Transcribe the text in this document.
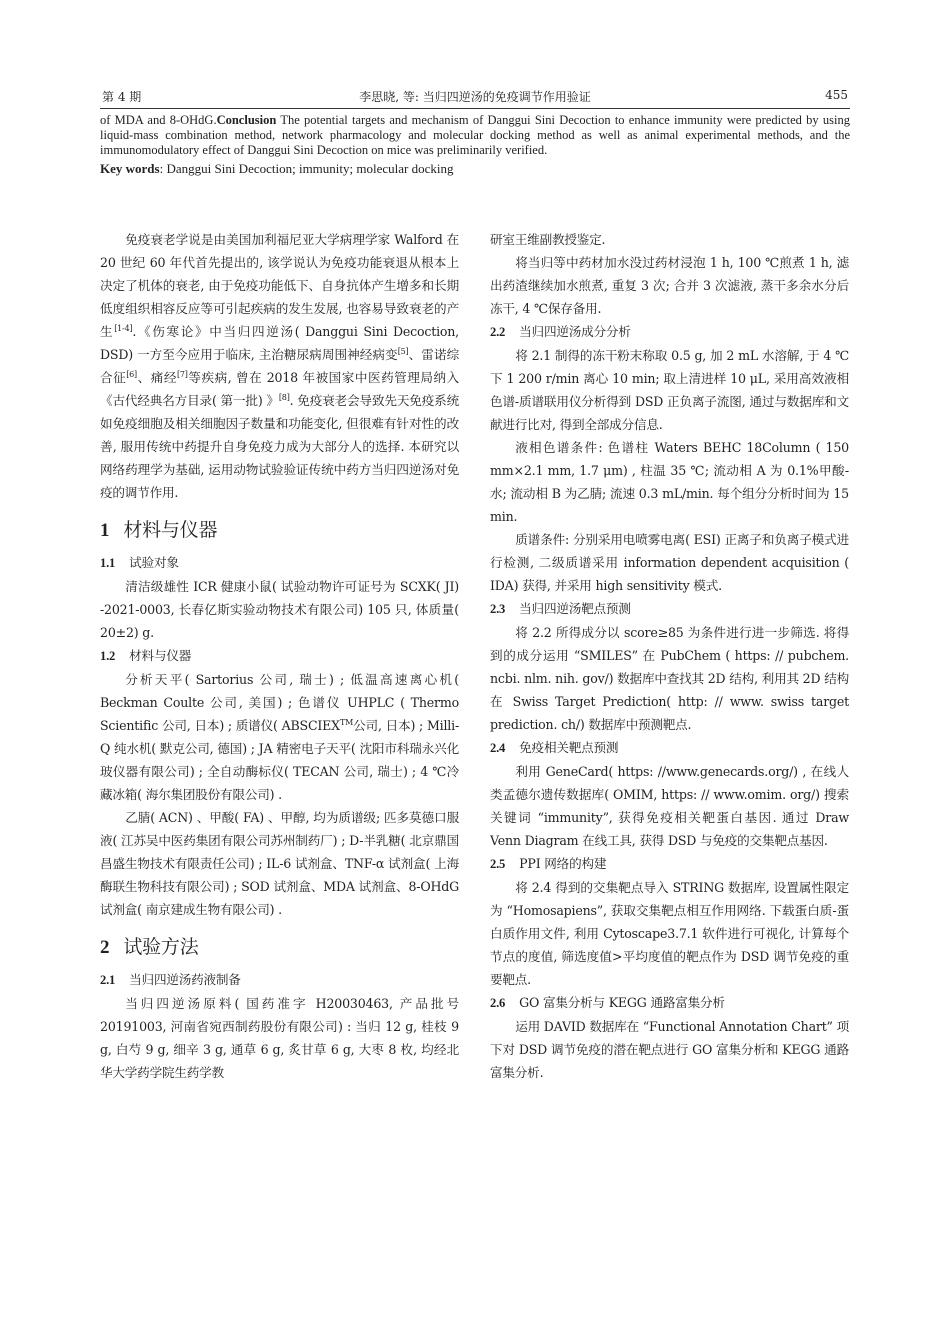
第 4 期	李思晓, 等: 当归四逆汤的免疫调节作用验证	455
of MDA and 8-OHdG.Conclusion The potential targets and mechanism of Danggui Sini Decoction to enhance immunity were predicted by using liquid-mass combination method, network pharmacology and molecular docking method as well as animal experimental methods, and the immunomodulatory effect of Danggui Sini Decoction on mice was preliminarily verified.
Key words: Danggui Sini Decoction; immunity; molecular docking

免疫衰老学说是由美国加利福尼亚大学病理学家 Walford 在 20 世纪 60 年代首先提出的, 该学说认为免疫功能衰退从根本上决定了机体的衰老, 由于免疫功能低下、自身抗体产生增多和长期低度组织相容反应等可引起疾病的发生发展, 也容易导致衰老的产生[1-4].《伤寒论》中当归四逆汤( Danggui Sini Decoction, DSD) 一方至今应用于临床, 主治糖尿病周围神经病变[5]、雷诺综合征[6]、痛经[7]等疾病, 曾在 2018 年被国家中医药管理局纳入《古代经典名方目录( 第一批) 》[8]. 免疫衰老会导致先天免疫系统如免疫细胞及相关细胞因子数量和功能变化, 但很难有针对性的改善, 服用传统中药提升自身免疫力成为大部分人的选择. 本研究以网络药理学为基础, 运用动物试验验证传统中药方当归四逆汤对免疫的调节作用.

1 材料与仪器
1.1 试验对象

清洁级雄性 ICR 健康小鼠( 试验动物许可证号为 SCXK( JI) -2021-0003, 长春亿斯实验动物技术有限公司) 105 只, 体质量( 20±2) g.

1.2 材料与仪器

分析天平( Sartorius 公司, 瑞士) ; 低温高速离心机( Beckman Coulte 公司, 美国) ; 色谱仪 UHPLC ( Thermo Scientific 公司, 日本) ; 质谱仪( ABSCIEX™公司, 日本) ; Milli-Q 纯水机( 默克公司, 德国) ; JA 精密电子天平( 沈阳市科瑞永兴化玻仪器有限公司) ; 全自动酶标仪( TECAN 公司, 瑞士) ; 4 ℃冷藏冰箱( 海尔集团股份有限公司) .

乙腈( ACN) 、甲酸( FA) 、甲醇, 均为质谱级; 匹多莫德口服液( 江苏吴中医药集团有限公司苏州制药厂) ; D-半乳糖( 北京鼎国昌盛生物技术有限责任公司) ; IL-6 试剂盒、TNF-α 试剂盒( 上海酶联生物科技有限公司) ; SOD 试剂盒、MDA 试剂盒、8-OHdG 试剂盒( 南京建成生物有限公司) .

2 试验方法
2.1 当归四逆汤药液制备

当归四逆汤原料( 国药准字 H20030463, 产品批号 20191003, 河南省宛西制药股份有限公司) : 当归 12 g, 桂枝 9 g, 白芍 9 g, 细辛 3 g, 通草 6 g, 炙甘草 6 g, 大枣 8 枚, 均经北华大学药学院生药学教

研室王维副教授鉴定.

将当归等中药材加水没过药材浸泡 1 h, 100 ℃煎煮 1 h, 滤出药渣继续加水煎煮, 重复 3 次; 合并 3 次滤液, 蒸干多余水分后冻干, 4 ℃保存备用.

2.2 当归四逆汤成分分析

将 2.1 制得的冻干粉末称取 0.5 g, 加 2 mL 水溶解, 于 4 ℃下 1 200 r/min 离心 10 min; 取上清进样 10 μL, 采用高效液相色谱-质谱联用仪分析得到 DSD 正负离子流图, 通过与数据库和文献进行比对, 得到全部成分信息.

液相色谱条件: 色谱柱 Waters BEHC 18Column ( 150 mm×2.1 mm, 1.7 μm) , 柱温 35 ℃; 流动相 A 为 0.1%甲酸-水; 流动相 B 为乙腈; 流速 0.3 mL/min. 每个组分分析时间为 15 min.

质谱条件: 分别采用电喷雾电离( ESI) 正离子和负离子模式进行检测, 二级质谱采用 information dependent acquisition ( IDA) 获得, 并采用 high sensitivity 模式.

2.3 当归四逆汤靶点预测

将 2.2 所得成分以 score≥85 为条件进行进一步筛选. 将得到的成分运用 “SMILES” 在 PubChem ( https: // pubchem. ncbi. nlm. nih. gov/) 数据库中查找其 2D 结构, 利用其 2D 结构在 Swiss Target Prediction( http: // www. swiss target prediction. ch/) 数据库中预测靶点.

2.4 免疫相关靶点预测

利用 GeneCard( https: //www.genecards.org/) , 在线人类孟德尔遗传数据库( OMIM, https: // www.omim. org/) 搜索关键词 “immunity”, 获得免疫相关靶蛋白基因. 通过 Draw Venn Diagram 在线工具, 获得 DSD 与免疫的交集靶点基因.

2.5 PPI 网络的构建

将 2.4 得到的交集靶点导入 STRING 数据库, 设置属性限定为 “Homosapiens”, 获取交集靶点相互作用网络. 下载蛋白质-蛋白质作用文件, 利用 Cytoscape3.7.1 软件进行可视化, 计算每个节点的度值, 筛选度值>平均度值的靶点作为 DSD 调节免疫的重要靶点.

2.6 GO 富集分析与 KEGG 通路富集分析

运用 DAVID 数据库在 “Functional Annotation Chart” 项下对 DSD 调节免疫的潜在靶点进行 GO 富集分析和 KEGG 通路富集分析.
